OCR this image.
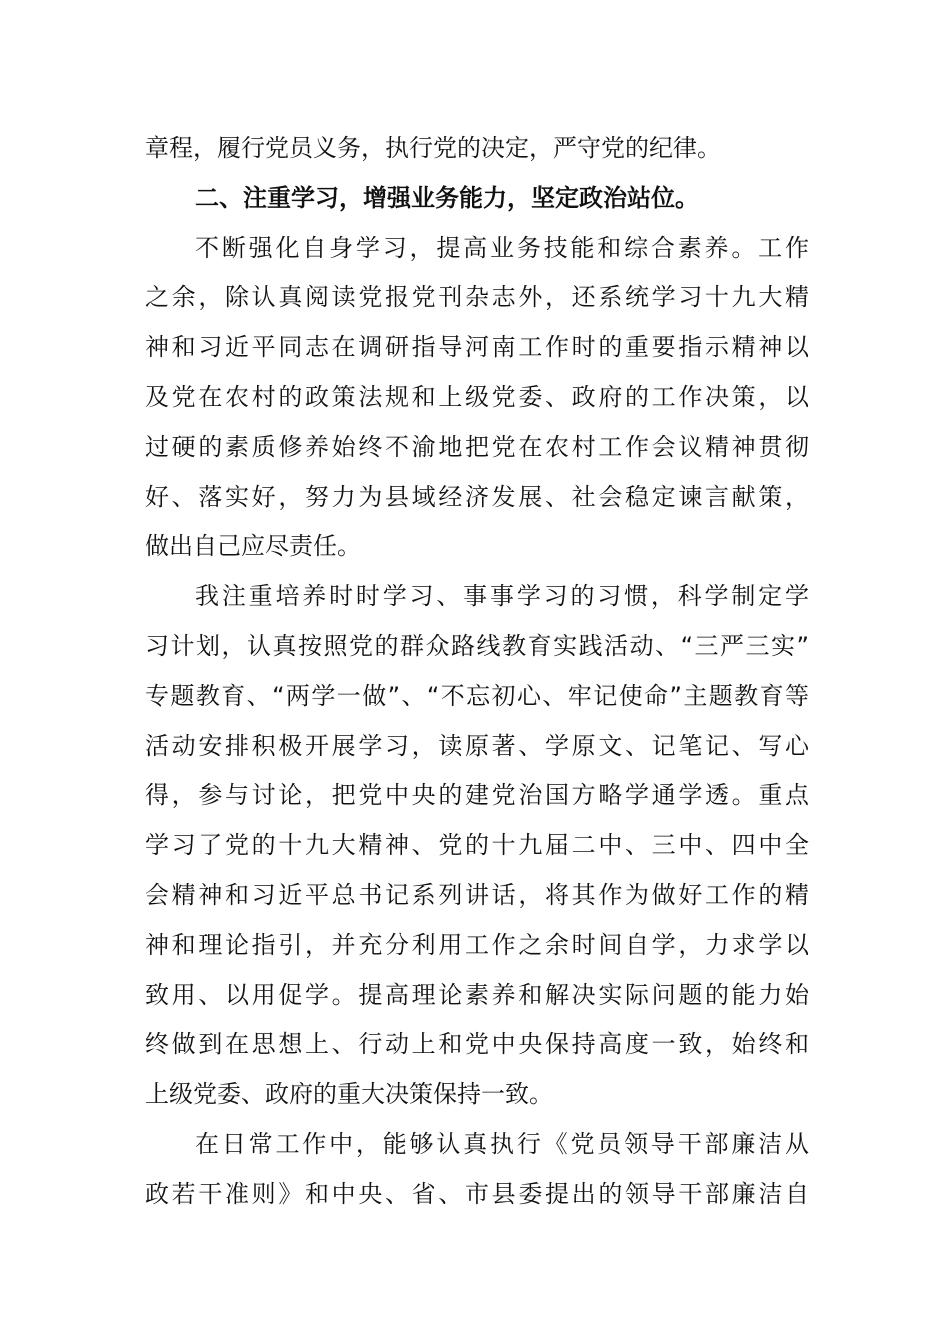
章程，履行党员义务，执行党的决定，严守党的纪律。

二、注重学习，增强业务能力，坚定政治站位。

不断强化自身学习，提高业务技能和综合素养。工作
之余，除认真阅读党报党刊杂志外，还系统学习十九大精
神和习近平同志在调研指导河南工作时的重要指示精神以
及党在农村的政策法规和上级党委、政府的工作决策，以
过硬的素质修养始终不渝地把党在农村工作会议精神贯彻
好、落实好，努力为县域经济发展、社会稳定谏言献策，
做出自己应尽责任。

我注重培养时时学习、事事学习的习惯，科学制定学
习计划，认真按照党的群众路线教育实践活动、“三严三实”
专题教育、“两学一做”、“不忘初心、牢记使命”主题教育等
活动安排积极开展学习，读原著、学原文、记笔记、写心
得，参与讨论，把党中央的建党治国方略学通学透。重点
学习了党的十九大精神、党的十九届二中、三中、四中全
会精神和习近平总书记系列讲话，将其作为做好工作的精
神和理论指引，并充分利用工作之余时间自学，力求学以
致用、以用促学。提高理论素养和解决实际问题的能力始
终做到在思想上、行动上和党中央保持高度一致，始终和
上级党委、政府的重大决策保持一致。

在日常工作中，能够认真执行《党员领导干部廉洁从
政若干准则》和中央、省、市县委提出的领导干部廉洁自
